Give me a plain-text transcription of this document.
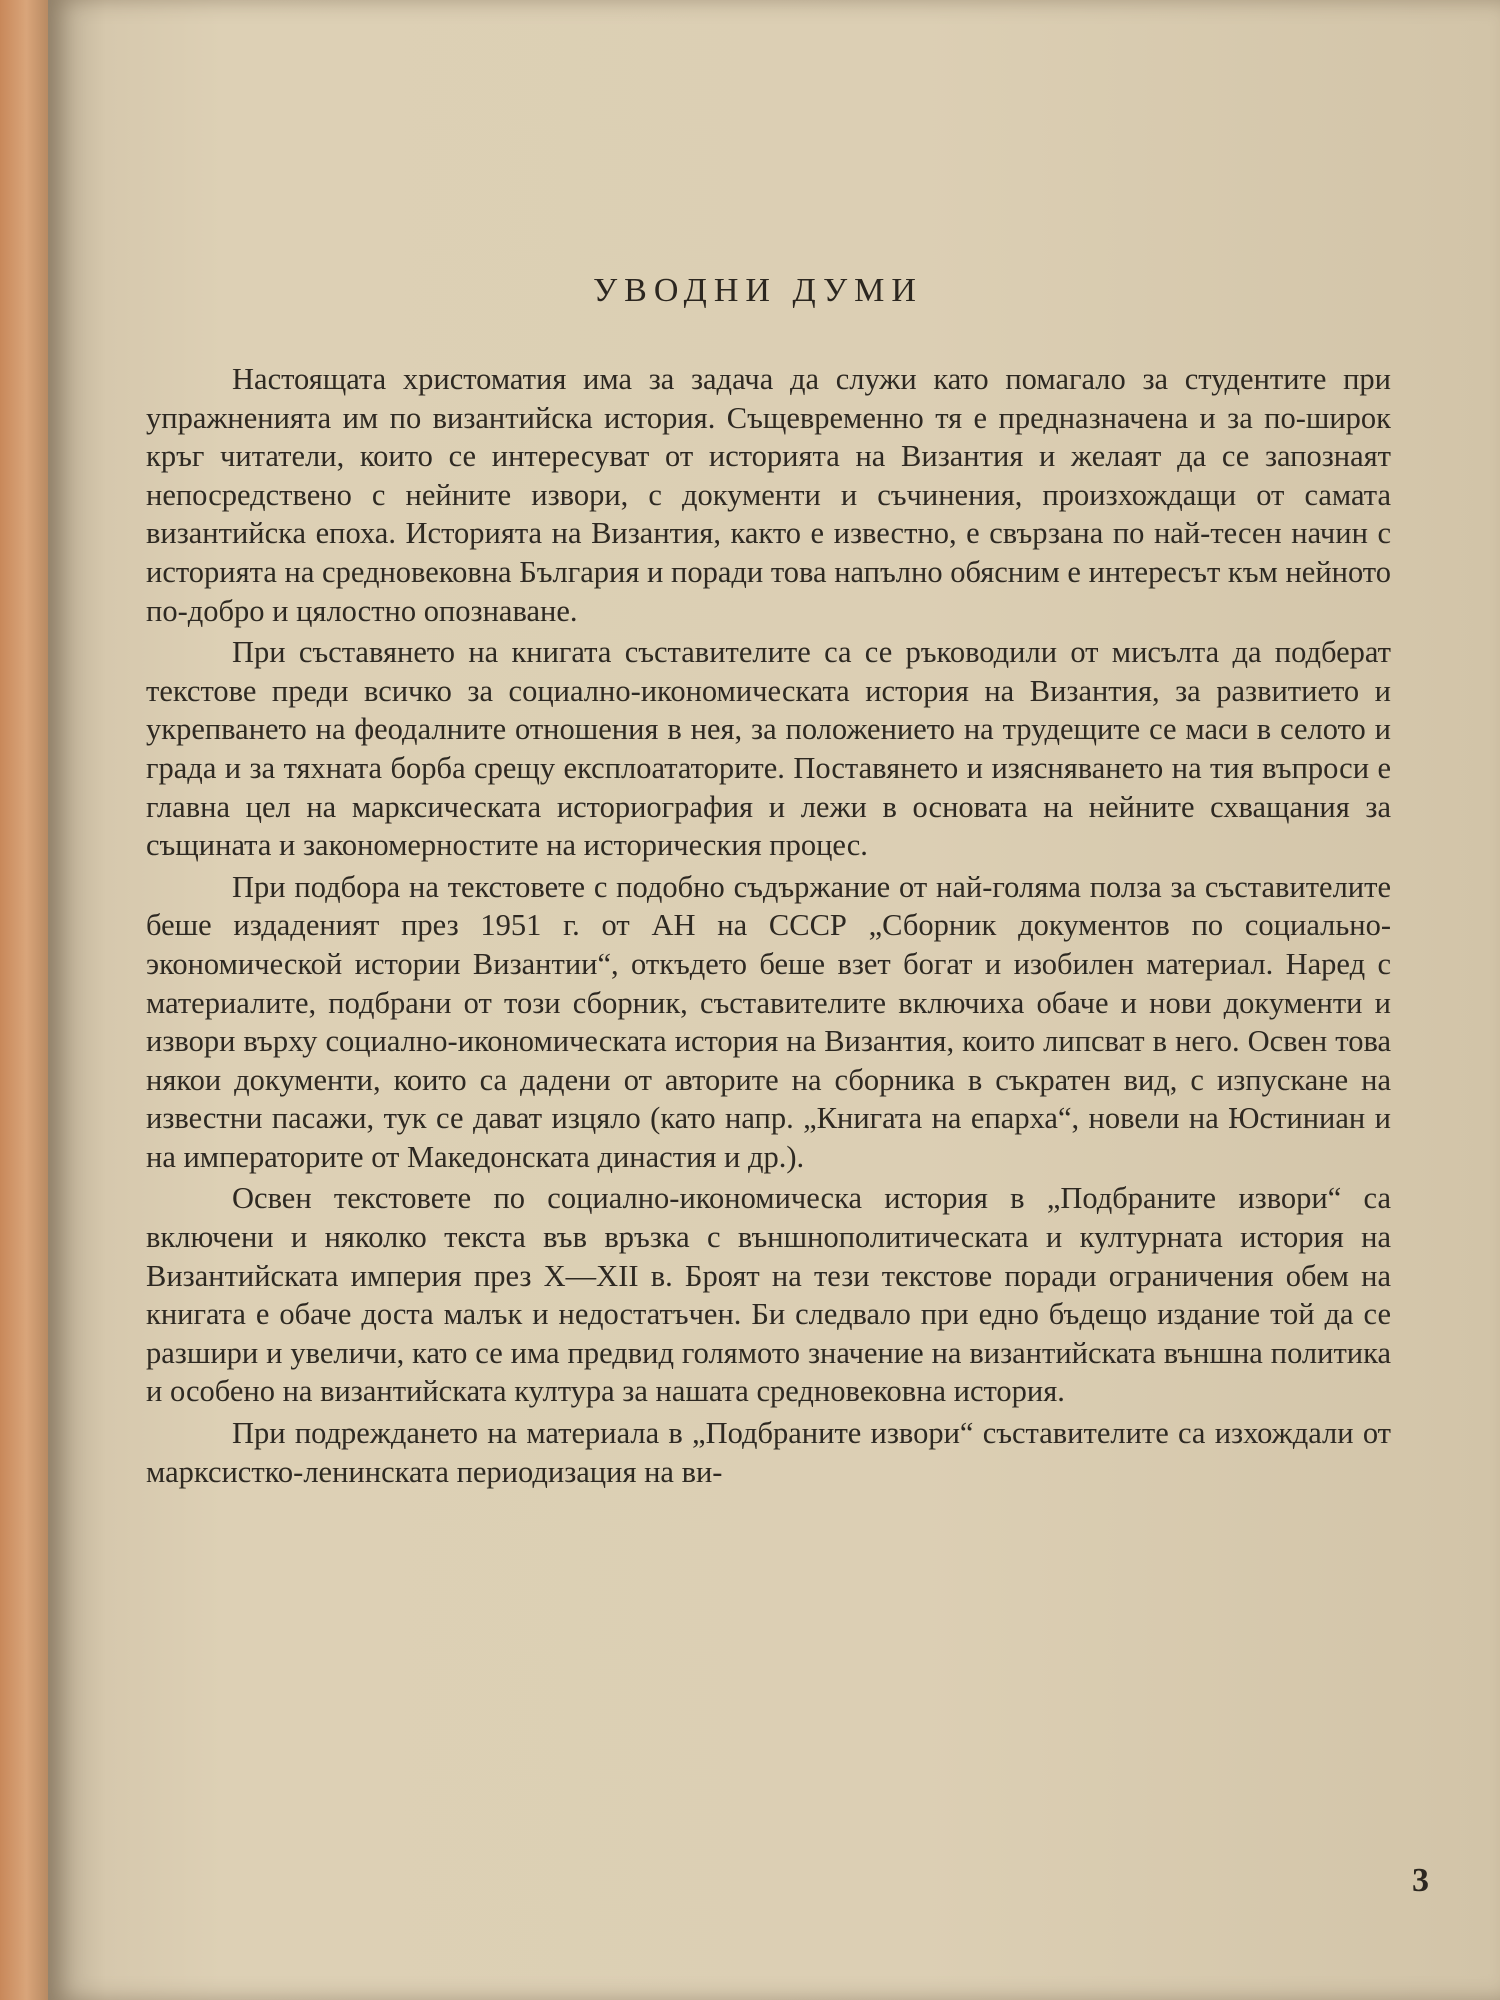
УВОДНИ ДУМИ

Настоящата христоматия има за задача да служи като помагало за студентите при упражненията им по византийска история. Същевременно тя е предназначена и за по-широк кръг читатели, които се интересуват от историята на Византия и желаят да се запознаят непосредствено с нейните извори, с документи и съчинения, произхождащи от самата византийска епоха. Историята на Византия, както е известно, е свързана по най-тесен начин с историята на средновековна България и поради това напълно обясним е интересът към нейното по-добро и цялостно опознаване.

При съставянето на книгата съставителите са се ръководили от мисълта да подберат текстове преди всичко за социално-икономическата история на Византия, за развитието и укрепването на феодалните отношения в нея, за положението на трудещите се маси в селото и града и за тяхната борба срещу експлоататорите. Поставянето и изясняването на тия въпроси е главна цел на марксическата историография и лежи в основата на нейните схващания за същината и закономерностите на историческия процес.

При подбора на текстовете с подобно съдържание от най-голяма полза за съставителите беше издаденият през 1951 г. от АН на СССР „Сборник документов по социально-экономической истории Византии“, откъдето беше взет богат и изобилен материал. Наред с материалите, подбрани от този сборник, съставителите включиха обаче и нови документи и извори върху социално-икономическата история на Византия, които липсват в него. Освен това някои документи, които са дадени от авторите на сборника в съкратен вид, с изпускане на известни пасажи, тук се дават изцяло (като напр. „Книгата на епарха“, новели на Юстиниан и на императорите от Македонската династия и др.).

Освен текстовете по социално-икономическа история в „Подбраните извори“ са включени и няколко текста във връзка с външнополитическата и културната история на Византийската империя през X—XII в. Броят на тези текстове поради ограничения обем на книгата е обаче доста малък и недостатъчен. Би следвало при едно бъдещо издание той да се разшири и увеличи, като се има предвид голямото значение на византийската външна политика и особено на византийската култура за нашата средновековна история.

При подреждането на материала в „Подбраните извори“ съставителите са изхождали от марксистко-ленинската периодизация на ви-

3
